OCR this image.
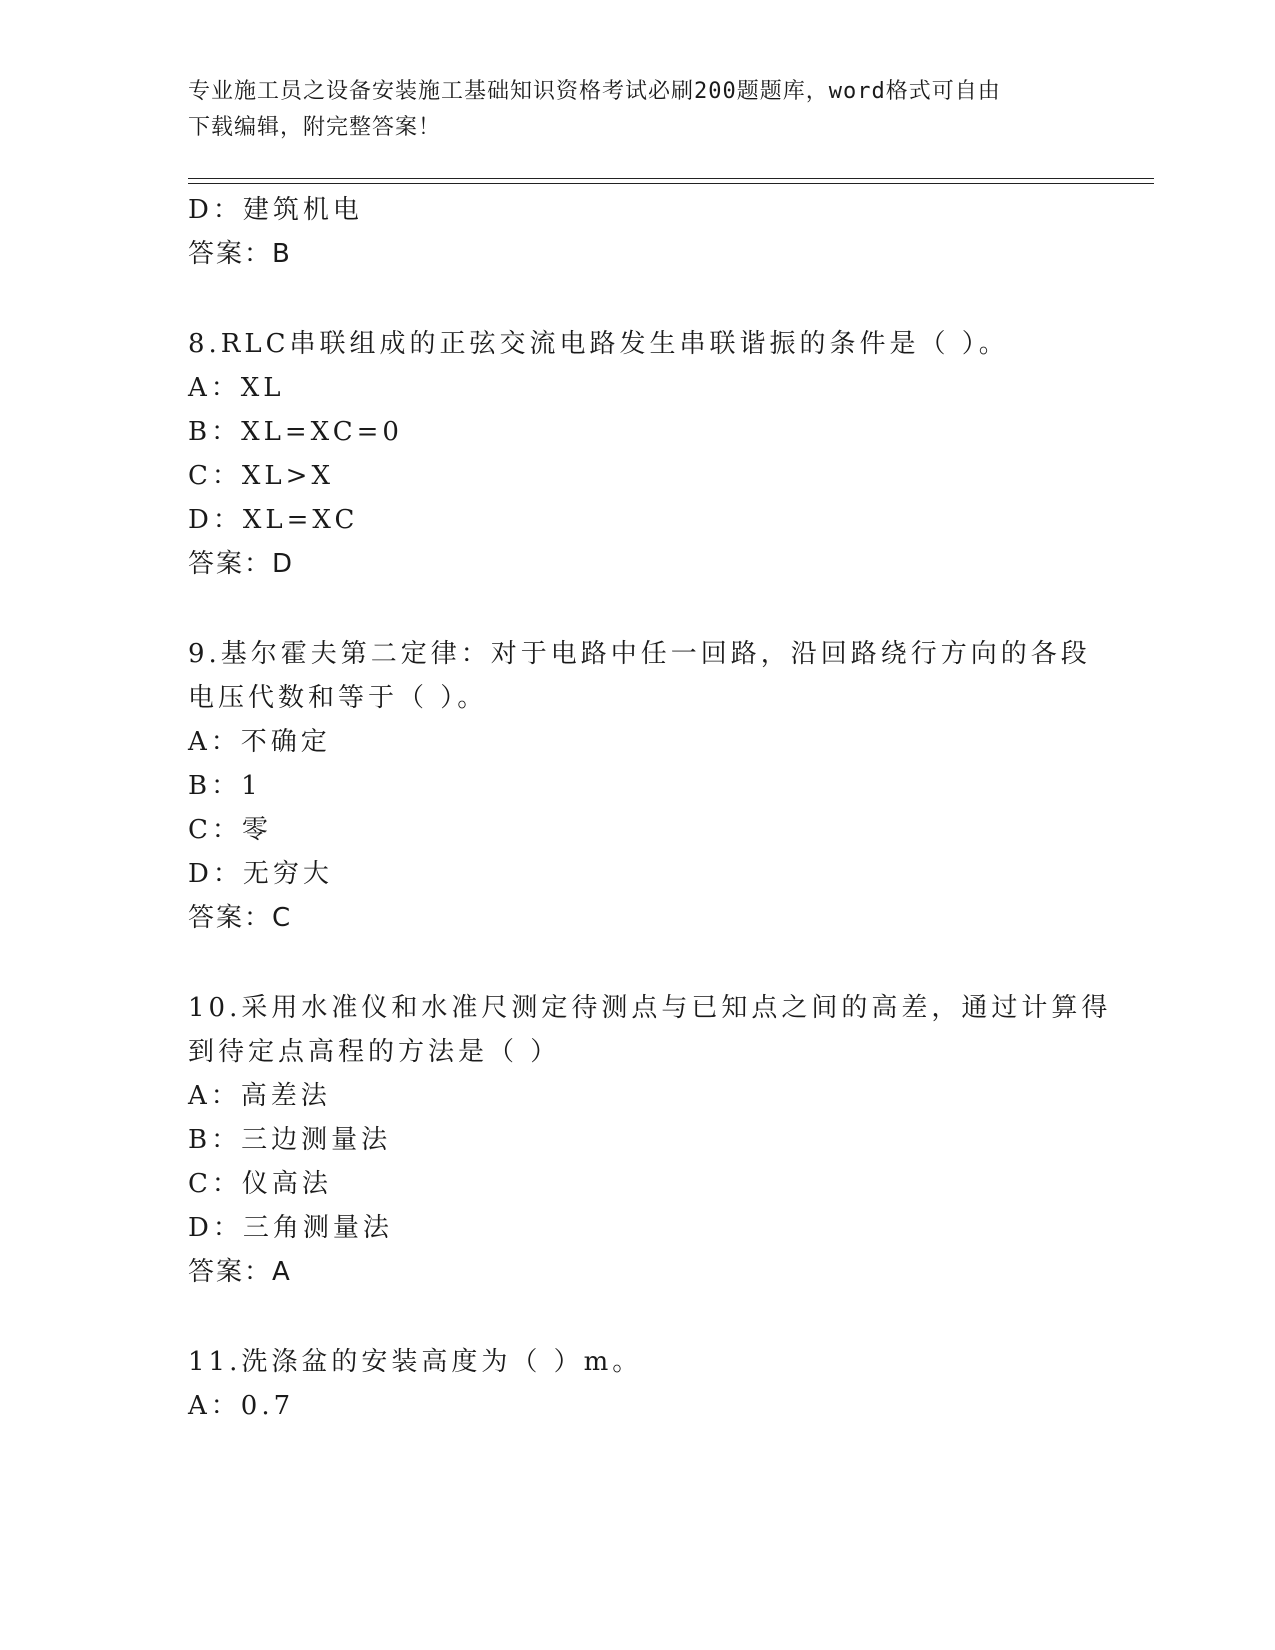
专业施工员之设备安装施工基础知识资格考试必刷200题题库，word格式可自由
下载编辑，附完整答案！
D：建筑机电
答案：B
8.RLC串联组成的正弦交流电路发生串联谐振的条件是（ ）。
A：XL
B：XL=XC=0
C：XL>X
D：XL=XC
答案：D
9.基尔霍夫第二定律：对于电路中任一回路，沿回路绕行方向的各段
电压代数和等于（ ）。
A：不确定
B：1
C：零
D：无穷大
答案：C
10.采用水准仪和水准尺测定待测点与已知点之间的高差，通过计算得
到待定点高程的方法是（ ）
A：高差法
B：三边测量法
C：仪高法
D：三角测量法
答案：A
11.洗涤盆的安装高度为（ ）m。
A：0.7
